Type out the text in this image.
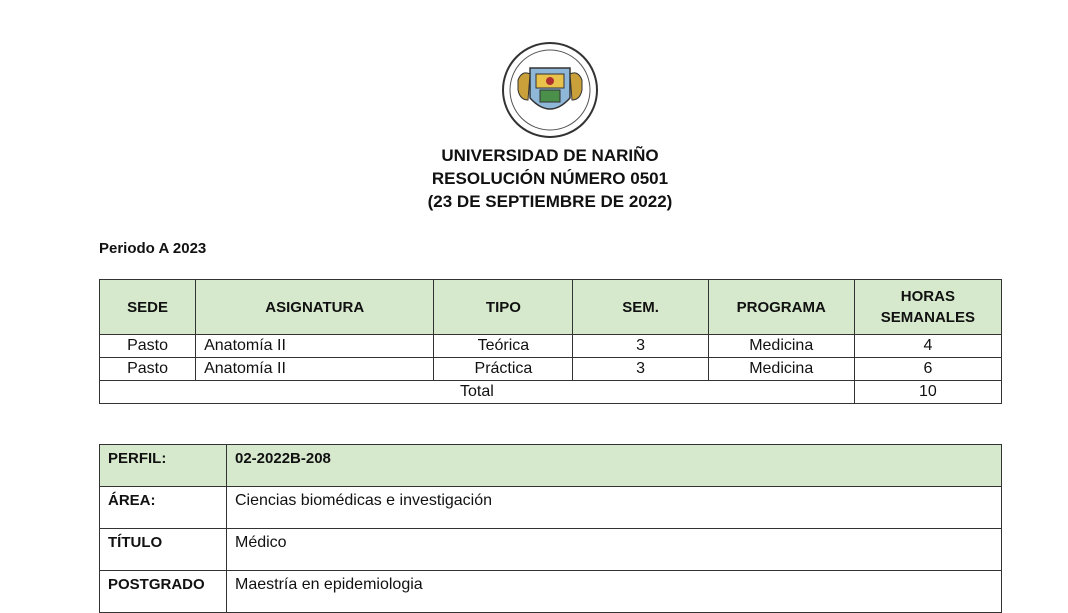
UNIVERSIDAD DE NARIÑO
RESOLUCIÓN NÚMERO 0501
(23 DE SEPTIEMBRE DE 2022)
Periodo A 2023
SEDE	ASIGNATURA	TIPO	SEM.	PROGRAMA	HORAS SEMANALES
Pasto	Anatomía II	Teórica	3	Medicina	4
Pasto	Anatomía II	Práctica	3	Medicina	6
Total					10
PERFIL:	02-2022B-208
ÁREA:	Ciencias biomédicas e investigación
TÍTULO	Médico
POSTGRADO	Maestría en epidemiologia
